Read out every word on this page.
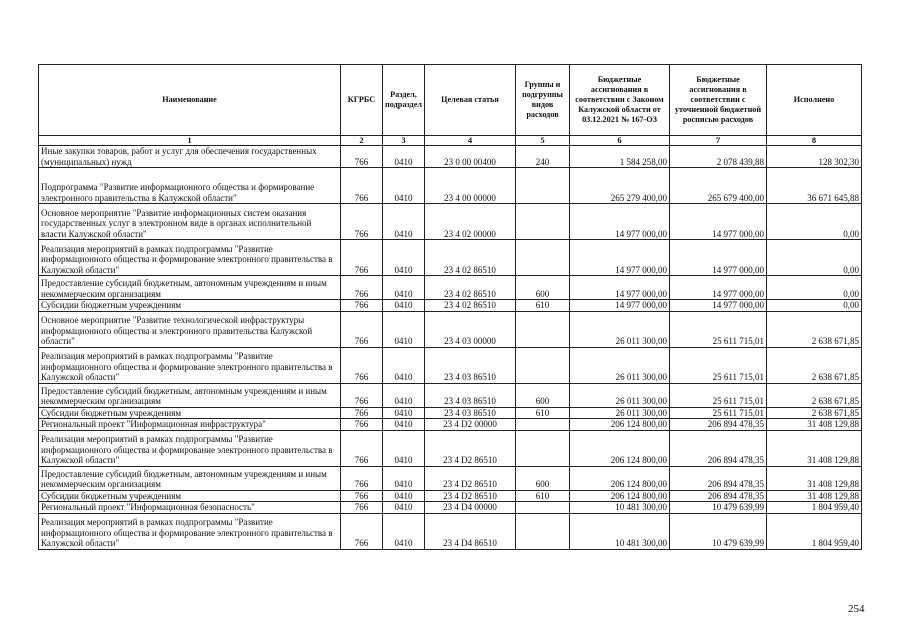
Наименование	КГРБС	Раздел, подраздел	Целевая статья	Группы и подгруппы видов расходов	Бюджетные ассигнования в соответствии с Законом Калужской области от 03.12.2021 № 167-ОЗ	Бюджетные ассигнования в соответствии с уточненной бюджетной росписью расходов	Исполнено
1	2	3	4	5	6	7	8
Иные закупки товаров, работ и услуг для обеспечения государственных (муниципальных) нужд	766	0410	23 0 00 00400	240	1 584 258,00	2 078 439,88	128 302,30
Подпрограмма "Развитие информационного общества и формирование электронного правительства в Калужской области"	766	0410	23 4 00 00000		265 279 400,00	265 679 400,00	36 671 645,88
Основное мероприятие "Развитие информационных систем оказания государственных услуг в электронном виде в органах исполнительной власти Калужской области"	766	0410	23 4 02 00000		14 977 000,00	14 977 000,00	0,00
Реализация мероприятий в рамках подпрограммы "Развитие информационного общества и формирование электронного правительства в Калужской области"	766	0410	23 4 02 86510		14 977 000,00	14 977 000,00	0,00
Предоставление субсидий бюджетным, автономным учреждениям и иным некоммерческим организациям	766	0410	23 4 02 86510	600	14 977 000,00	14 977 000,00	0,00
Субсидии бюджетным учреждениям	766	0410	23 4 02 86510	610	14 977 000,00	14 977 000,00	0,00
Основное мероприятие "Развитие технологической инфраструктуры информационного общества и электронного правительства Калужской области"	766	0410	23 4 03 00000		26 011 300,00	25 611 715,01	2 638 671,85
Реализация мероприятий в рамках подпрограммы "Развитие информационного общества и формирование электронного правительства в Калужской области"	766	0410	23 4 03 86510		26 011 300,00	25 611 715,01	2 638 671,85
Предоставление субсидий бюджетным, автономным учреждениям и иным некоммерческим организациям	766	0410	23 4 03 86510	600	26 011 300,00	25 611 715,01	2 638 671,85
Субсидии бюджетным учреждениям	766	0410	23 4 03 86510	610	26 011 300,00	25 611 715,01	2 638 671,85
Региональный проект "Информационная инфраструктура"	766	0410	23 4 D2 00000		206 124 800,00	206 894 478,35	31 408 129,88
Реализация мероприятий в рамках подпрограммы "Развитие информационного общества и формирование электронного правительства в Калужской области"	766	0410	23 4 D2 86510		206 124 800,00	206 894 478,35	31 408 129,88
Предоставление субсидий бюджетным, автономным учреждениям и иным некоммерческим организациям	766	0410	23 4 D2 86510	600	206 124 800,00	206 894 478,35	31 408 129,88
Субсидии бюджетным учреждениям	766	0410	23 4 D2 86510	610	206 124 800,00	206 894 478,35	31 408 129,88
Региональный проект "Информационная безопасность"	766	0410	23 4 D4 00000		10 481 300,00	10 479 639,99	1 804 959,40
Реализация мероприятий в рамках подпрограммы "Развитие информационного общества и формирование электронного правительства в Калужской области"	766	0410	23 4 D4 86510		10 481 300,00	10 479 639,99	1 804 959,40
254
